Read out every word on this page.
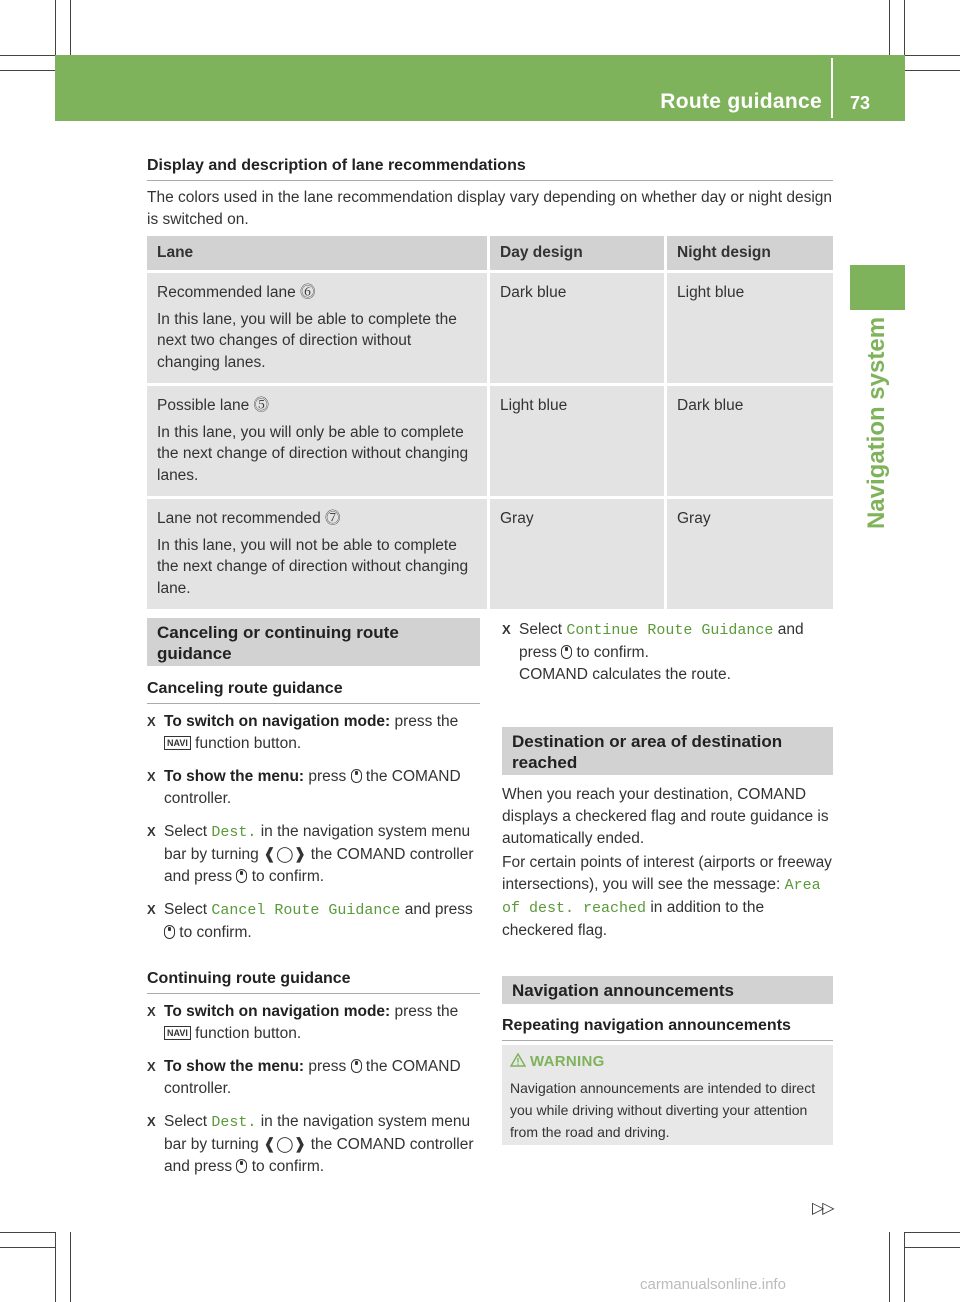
Route guidance 73
Navigation system
Display and description of lane recommendations

The colors used in the lane recommendation display vary depending on whether day or night design is switched on.

Lane	Day design	Night design

Recommended lane ⓺
In this lane, you will be able to complete the next two changes of direction without changing lanes.	Dark blue	Light blue

Possible lane ⓹
In this lane, you will only be able to complete the next change of direction without changing lanes.	Light blue	Dark blue

Lane not recommended ⓻
In this lane, you will not be able to complete the next change of direction without changing lane.	Gray	Gray
Canceling or continuing route guidance
Canceling route guidance
X To switch on navigation mode: press the
NAVI function button.
X To show the menu: press  the COMAND controller.
X Select Dest. in the navigation system menu bar by turning ❰◯❱ the COMAND controller and press  to confirm.
X Select Cancel Route Guidance and press  to confirm.
Continuing route guidance
X To switch on navigation mode: press the
NAVI function button.
X To show the menu: press  the COMAND controller.
X Select Dest. in the navigation system menu bar by turning ❰◯❱ the COMAND controller and press  to confirm.
X Select Continue Route Guidance and press  to confirm.
COMAND calculates the route.
Destination or area of destination reached

When you reach your destination, COMAND displays a checkered flag and route guidance is automatically ended.

For certain points of interest (airports or freeway intersections), you will see the message: Area of dest. reached in addition to the checkered flag.

Navigation announcements
Repeating navigation announcements
WARNING

Navigation announcements are intended to direct you while driving without diverting your attention from the road and driving.

▷▷
carmanualsonline.info
